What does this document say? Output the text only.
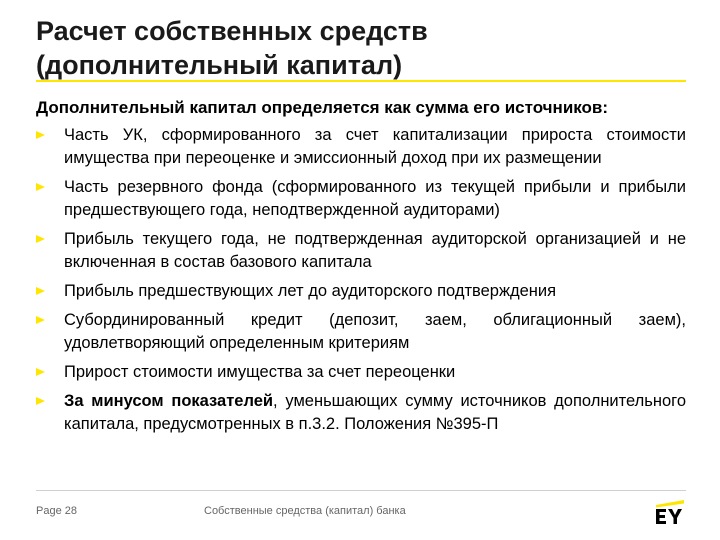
Расчет собственных средств
(дополнительный капитал)

Дополнительный капитал определяется как сумма его источников:

Часть УК, сформированного за счет капитализации прироста стоимости имущества при переоценке и эмиссионный доход при их размещении
Часть резервного фонда (сформированного из текущей прибыли и прибыли предшествующего года, неподтвержденной аудиторами)
Прибыль текущего года, не подтвержденная аудиторской организацией и не включенная в состав базового капитала
Прибыль предшествующих лет до аудиторского подтверждения
Субординированный кредит (депозит, заем, облигационный заем), удовлетворяющий определенным критериям
Прирост стоимости имущества за счет переоценки
За минусом показателей, уменьшающих сумму источников дополнительного капитала, предусмотренных в п.3.2. Положения №395-П
Page 28	Собственные средства (капитал) банка
